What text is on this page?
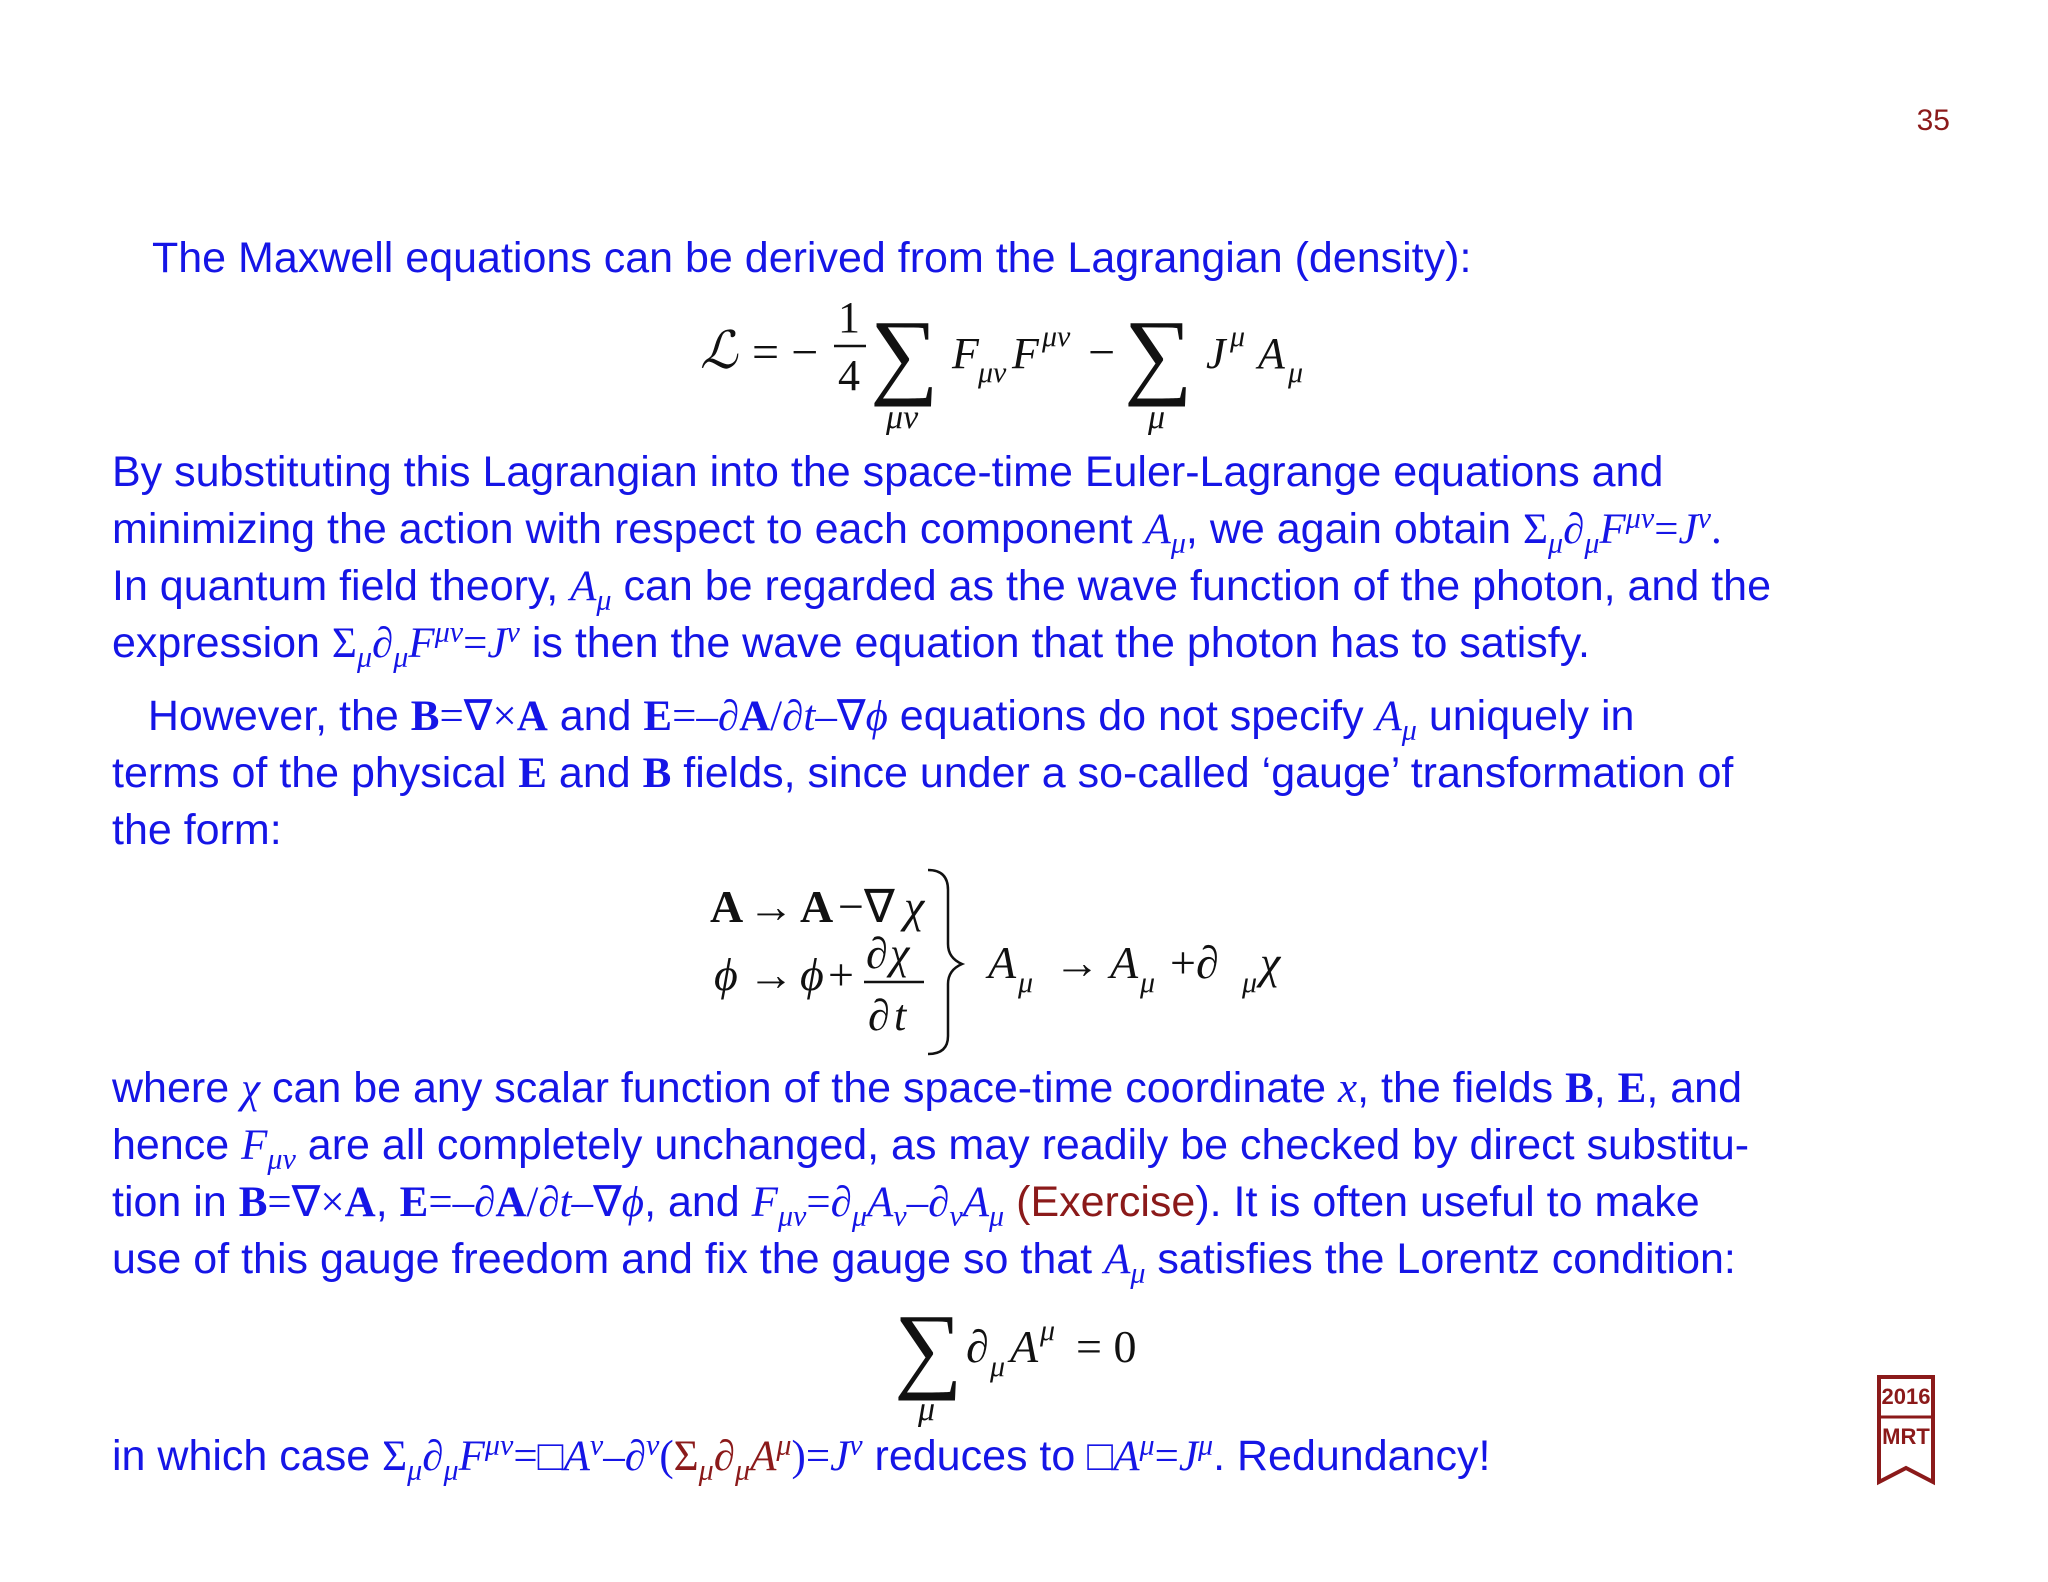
35
The Maxwell equations can be derived from the Lagrangian (density):
ℒ = −
1
4 ∑
μν
F μν F μν − ∑
μ
J μ A μ
By substituting this Lagrangian into the space-time Euler-Lagrange equations and
minimizing the action with respect to each component $A_\mu$, we again obtain $\Sigma_\mu\partial_\mu F^{\mu\nu}=J^\nu$.
In quantum field theory, $A_\mu$ can be regarded as the wave function of the photon, and the
expression $\Sigma_\mu\partial_\mu F^{\mu\nu}=J^\nu$ is then the wave equation that the photon has to satisfy.
However, the B=∇×A and E=–∂A/∂t–∇ϕ equations do not specify $A_\mu$ uniquely in
terms of the physical E and B fields, since under a so-called ‘gauge’ transformation of
the form:
A → A −∇ χ
ϕ → ϕ + ∂ χ
∂ t
A μ → A μ +∂ μ χ
where χ can be any scalar function of the space-time coordinate x, the fields B, E, and
hence $F_{\mu\nu}$ are all completely unchanged, as may readily be checked by direct substitu-
tion in B=∇×A, E=–∂A/∂t–∇ϕ, and $F_{\mu\nu}=\partial_\mu A_\nu-\partial_\nu A_\mu$ (Exercise). It is often useful to make
use of this gauge freedom and fix the gauge so that $A_\mu$ satisfies the Lorentz condition:
∑
μ
∂ μ A μ = 0
in which case $\Sigma_\mu\partial_\mu F^{\mu\nu}=□A^\nu-\partial^\nu(\Sigma_\mu\partial_\mu A^\mu)=J^\nu$ reduces to $□A^\mu=J^\mu$. Redundancy!
2016
MRT
